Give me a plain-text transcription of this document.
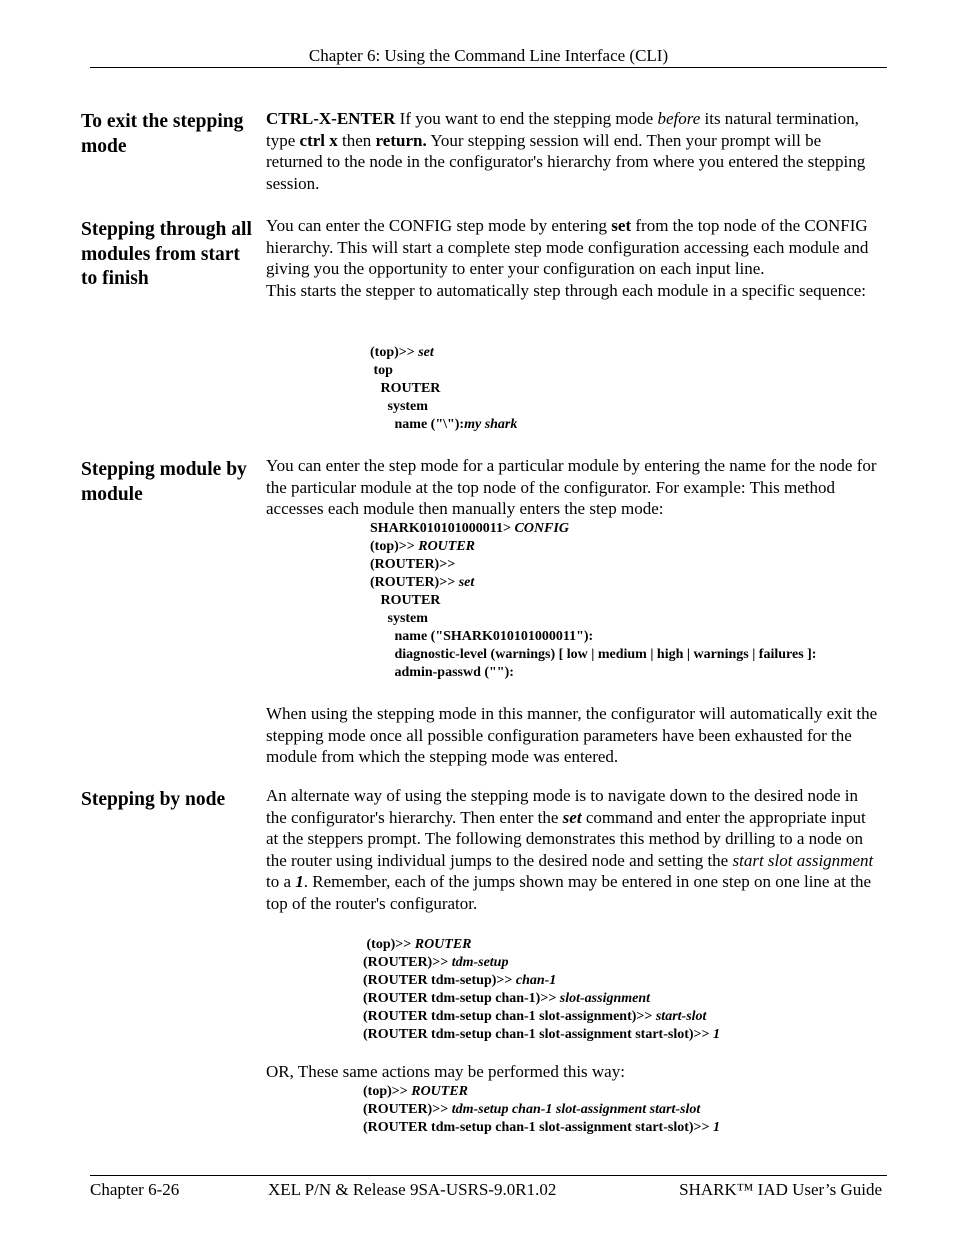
Chapter 6: Using the Command Line Interface (CLI)
To exit the stepping mode
CTRL-X-ENTER If you want to end the stepping mode before its natural termination, type ctrl x then return. Your stepping session will end. Then your prompt will be returned to the node in the configurator's hierarchy from where you entered the stepping session.
Stepping through all modules from start to finish
You can enter the CONFIG step mode by entering set from the top node of the CONFIG hierarchy. This will start a complete step mode configuration accessing each module and giving you the opportunity to enter your configuration on each input line.
This starts the stepper to automatically step through each module in a specific sequence:
(top)>> set
top
ROUTER
system
name ("\"):my shark
Stepping module by module
You can enter the step mode for a particular module by entering the name for the node for the particular module at the top node of the configurator. For example: This method accesses each module then manually enters the step mode:
SHARK010101000011> CONFIG
(top)>> ROUTER
(ROUTER)>>
(ROUTER)>> set
ROUTER
system
name ("SHARK010101000011"):
diagnostic-level (warnings) [ low | medium | high | warnings | failures ]:
admin-passwd (""):
When using the stepping mode in this manner, the configurator will automatically exit the stepping mode once all possible configuration parameters have been exhausted for the module from which the stepping mode was entered.
Stepping by node	An alternate way of using the stepping mode is to navigate down to the desired node in the configurator's hierarchy. Then enter the set command and enter the appropriate input at the steppers prompt. The following demonstrates this method by drilling to a node on the router using individual jumps to the desired node and setting the start slot assignment to a 1. Remember, each of the jumps shown may be entered in one step on one line at the top of the router's configurator.
(top)>> ROUTER
(ROUTER)>> tdm-setup
(ROUTER tdm-setup)>> chan-1
(ROUTER tdm-setup chan-1)>> slot-assignment
(ROUTER tdm-setup chan-1 slot-assignment)>> start-slot
(ROUTER tdm-setup chan-1 slot-assignment start-slot)>> 1
OR, These same actions may be performed this way:
(top)>> ROUTER
(ROUTER)>> tdm-setup chan-1 slot-assignment start-slot
(ROUTER tdm-setup chan-1 slot-assignment start-slot)>> 1
Chapter 6-26	XEL P/N & Release 9SA-USRS-9.0R1.02	SHARK™ IAD User’s Guide
